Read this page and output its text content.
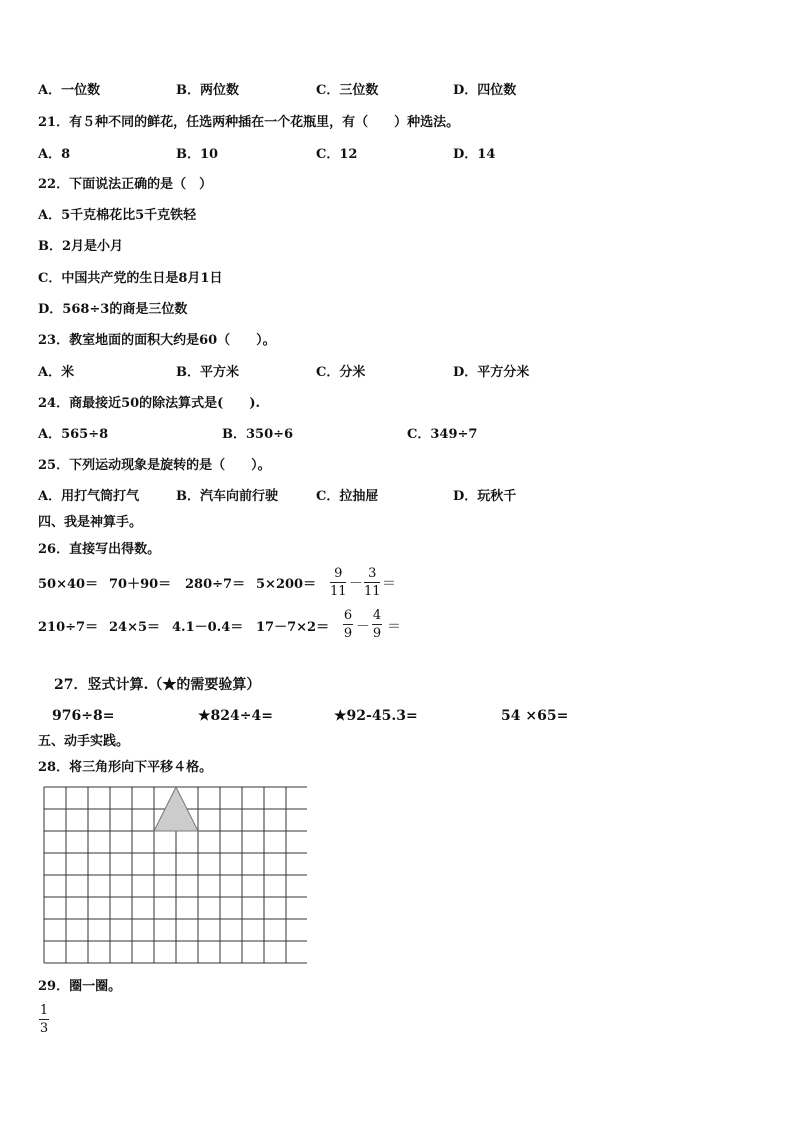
A．一位数	B．两位数	C．三位数	D．四位数
21．有５种不同的鲜花，任选两种插在一个花瓶里，有（　　）种选法。
A．8	B．10	C．12	D．14
22．下面说法正确的是（　）
A．5千克棉花比5千克铁轻
B．2月是小月
C．中国共产党的生日是8月1日
D．568÷3的商是三位数
23．教室地面的面积大约是60（　　）。
A．米	B．平方米	C．分米	D．平方分米
24．商最接近50的除法算式是(　　).
A．565÷8	B．350÷6	C．349÷7
25．下列运动现象是旋转的是（　　）。
A．用打气筒打气	B．汽车向前行驶	C．拉抽屉	D．玩秋千
四、我是神算手。
26．直接写出得数。
50×40＝ 70＋90＝ 280÷7＝ 5×200＝
9
11 －
3
11 ＝
210÷7＝ 24×5＝ 4.1－0.4＝ 17－7×2＝
6
9 －
4
9 ＝
27．竖式计算.（★的需要验算）
976÷8=	★824÷4=	★92-45.3=	54 ×65=
五、动手实践。
28．将三角形向下平移４格。
29．圈一圈。
1
3
